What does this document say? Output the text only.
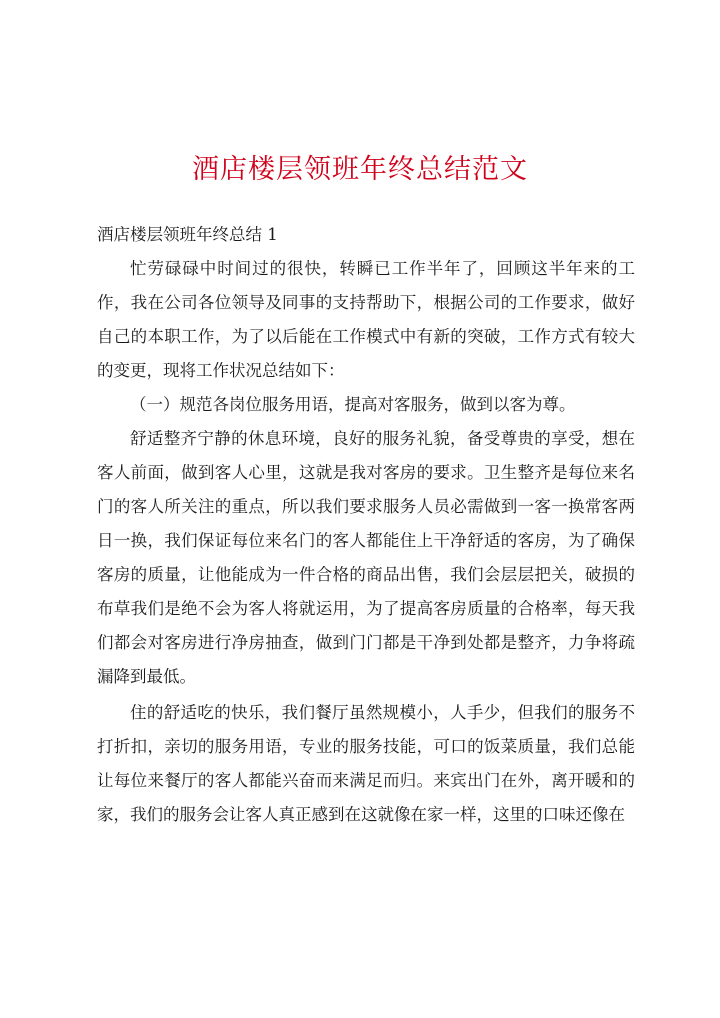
酒店楼层领班年终总结范文

酒店楼层领班年终总结 1

忙劳碌碌中时间过的很快，转瞬已工作半年了，回顾这半年来的工作，我在公司各位领导及同事的支持帮助下，根据公司的工作要求，做好自己的本职工作，为了以后能在工作模式中有新的突破，工作方式有较大的变更，现将工作状况总结如下：

（一）规范各岗位服务用语，提高对客服务，做到以客为尊。

舒适整齐宁静的休息环境，良好的服务礼貌，备受尊贵的享受，想在客人前面，做到客人心里，这就是我对客房的要求。卫生整齐是每位来名门的客人所关注的重点，所以我们要求服务人员必需做到一客一换常客两日一换，我们保证每位来名门的客人都能住上干净舒适的客房，为了确保客房的质量，让他能成为一件合格的商品出售，我们会层层把关，破损的布草我们是绝不会为客人将就运用，为了提高客房质量的合格率，每天我们都会对客房进行净房抽查，做到门门都是干净到处都是整齐，力争将疏漏降到最低。

住的舒适吃的快乐，我们餐厅虽然规模小，人手少，但我们的服务不打折扣，亲切的服务用语，专业的服务技能，可口的饭菜质量，我们总能让每位来餐厅的客人都能兴奋而来满足而归。来宾出门在外，离开暖和的家，我们的服务会让客人真正感到在这就像在家一样，这里的口味还像在
